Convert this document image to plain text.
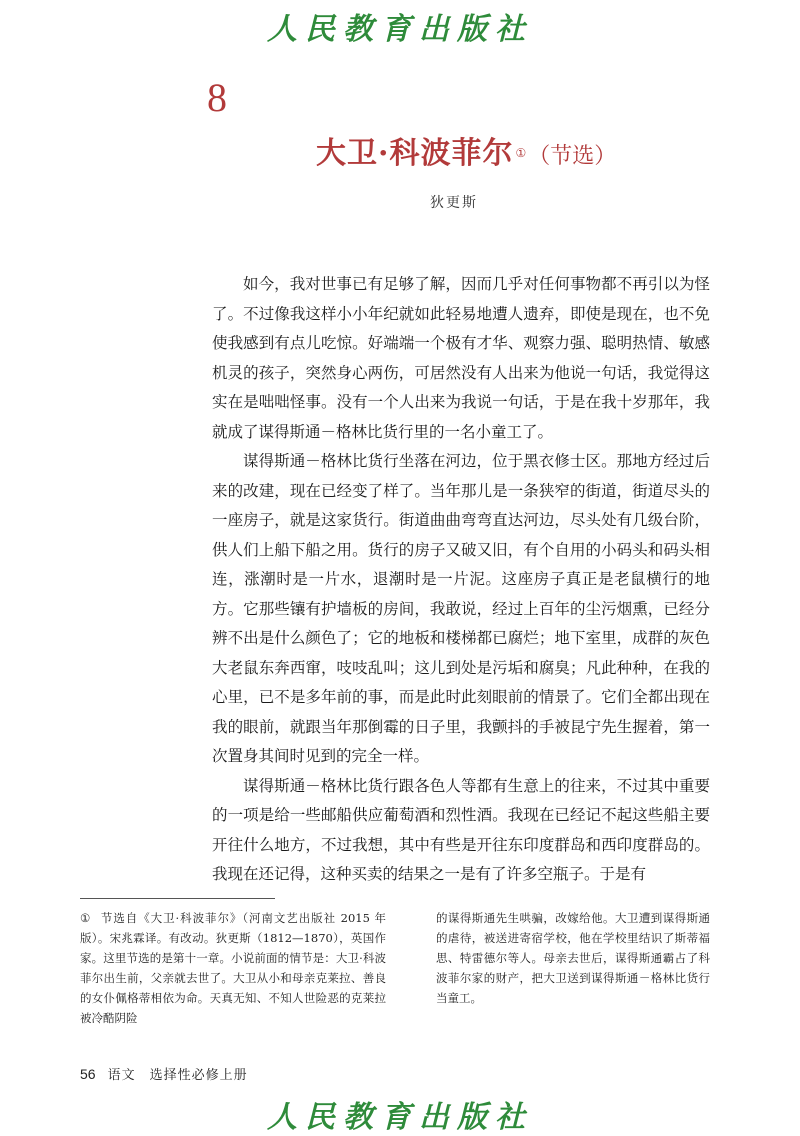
人民教育出版社
8
大卫·科波菲尔 ①（节选）
狄更斯

如今，我对世事已有足够了解，因而几乎对任何事物都不再引以为怪了。不过像我这样小小年纪就如此轻易地遭人遗弃，即使是现在，也不免使我感到有点儿吃惊。好端端一个极有才华、观察力强、聪明热情、敏感机灵的孩子，突然身心两伤，可居然没有人出来为他说一句话，我觉得这实在是咄咄怪事。没有一个人出来为我说一句话，于是在我十岁那年，我就成了谋得斯通－格林比货行里的一名小童工了。

谋得斯通－格林比货行坐落在河边，位于黑衣修士区。那地方经过后来的改建，现在已经变了样了。当年那儿是一条狭窄的街道，街道尽头的一座房子，就是这家货行。街道曲曲弯弯直达河边，尽头处有几级台阶，供人们上船下船之用。货行的房子又破又旧，有个自用的小码头和码头相连，涨潮时是一片水，退潮时是一片泥。这座房子真正是老鼠横行的地方。它那些镶有护墙板的房间，我敢说，经过上百年的尘污烟熏，已经分辨不出是什么颜色了；它的地板和楼梯都已腐烂；地下室里，成群的灰色大老鼠东奔西窜，吱吱乱叫；这儿到处是污垢和腐臭；凡此种种，在我的心里，已不是多年前的事，而是此时此刻眼前的情景了。它们全都出现在我的眼前，就跟当年那倒霉的日子里，我颤抖的手被昆宁先生握着，第一次置身其间时见到的完全一样。

谋得斯通－格林比货行跟各色人等都有生意上的往来，不过其中重要的一项是给一些邮船供应葡萄酒和烈性酒。我现在已经记不起这些船主要开往什么地方，不过我想，其中有些是开往东印度群岛和西印度群岛的。我现在还记得，这种买卖的结果之一是有了许多空瓶子。于是有

① 节选自《大卫·科波菲尔》（河南文艺出版社 2015 年版）。宋兆霖译。有改动。狄更斯（1812—1870），英国作家。这里节选的是第十一章。小说前面的情节是：大卫·科波菲尔出生前，父亲就去世了。大卫从小和母亲克莱拉、善良的女仆佩格蒂相依为命。天真无知、不知人世险恶的克莱拉被冷酷阴险
的谋得斯通先生哄骗，改嫁给他。大卫遭到谋得斯通的虐待，被送进寄宿学校，他在学校里结识了斯蒂福思、特雷德尔等人。母亲去世后，谋得斯通霸占了科波菲尔家的财产，把大卫送到谋得斯通－格林比货行当童工。
56 语文　选择性必修上册
人民教育出版社
